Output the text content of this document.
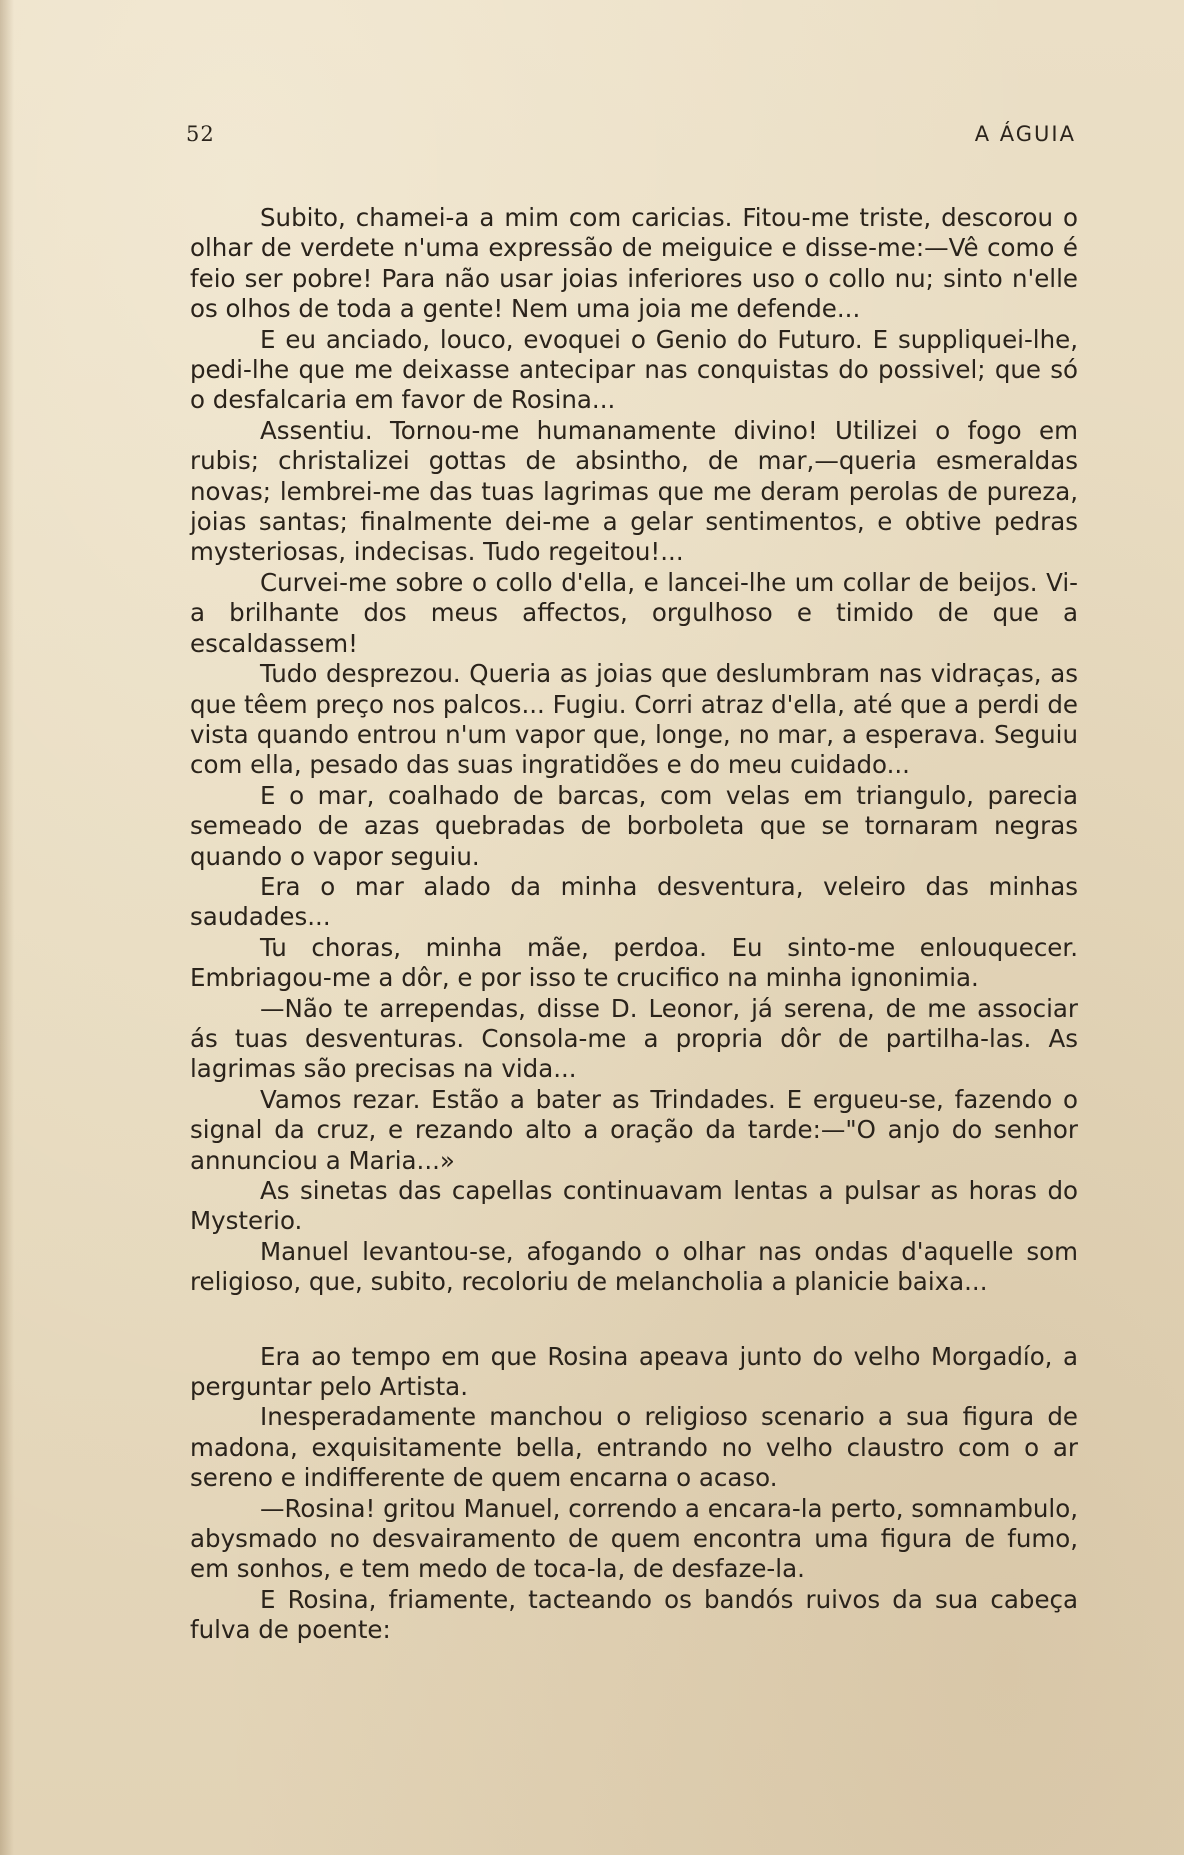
52	A ÁGUIA

Subito, chamei-a a mim com caricias. Fitou-me triste, descorou o olhar de verdete n'uma expressão de meiguice e disse-me:—Vê como é feio ser pobre! Para não usar joias inferiores uso o collo nu; sinto n'elle os olhos de toda a gente! Nem uma joia me defende...

E eu anciado, louco, evoquei o Genio do Futuro. E suppliquei-lhe, pedi-lhe que me deixasse antecipar nas conquistas do possivel; que só o desfalcaria em favor de Rosina...

Assentiu. Tornou-me humanamente divino! Utilizei o fogo em rubis; christalizei gottas de absintho, de mar,—queria esmeraldas novas; lembrei-me das tuas lagrimas que me deram perolas de pureza, joias santas; finalmente dei-me a gelar sentimentos, e obtive pedras mysteriosas, indecisas. Tudo regeitou!...

Curvei-me sobre o collo d'ella, e lancei-lhe um collar de beijos. Vi-a brilhante dos meus affectos, orgulhoso e timido de que a escaldassem!

Tudo desprezou. Queria as joias que deslumbram nas vidraças, as que têem preço nos palcos... Fugiu. Corri atraz d'ella, até que a perdi de vista quando entrou n'um vapor que, longe, no mar, a esperava. Seguiu com ella, pesado das suas ingratidões e do meu cuidado...

E o mar, coalhado de barcas, com velas em triangulo, parecia semeado de azas quebradas de borboleta que se tornaram negras quando o vapor seguiu.

Era o mar alado da minha desventura, veleiro das minhas saudades...

Tu choras, minha mãe, perdoa. Eu sinto-me enlouquecer. Embriagou-me a dôr, e por isso te crucifico na minha ignonimia.

—Não te arrependas, disse D. Leonor, já serena, de me associar ás tuas desventuras. Consola-me a propria dôr de partilha-las. As lagrimas são precisas na vida...

Vamos rezar. Estão a bater as Trindades. E ergueu-se, fazendo o signal da cruz, e rezando alto a oração da tarde:—"O anjo do senhor annunciou a Maria...»

As sinetas das capellas continuavam lentas a pulsar as horas do Mysterio.

Manuel levantou-se, afogando o olhar nas ondas d'aquelle som religioso, que, subito, recoloriu de melancholia a planicie baixa...

Era ao tempo em que Rosina apeava junto do velho Morgadío, a perguntar pelo Artista.

Inesperadamente manchou o religioso scenario a sua figura de madona, exquisitamente bella, entrando no velho claustro com o ar sereno e indifferente de quem encarna o acaso.

—Rosina! gritou Manuel, correndo a encara-la perto, somnambulo, abysmado no desvairamento de quem encontra uma figura de fumo, em sonhos, e tem medo de toca-la, de desfaze-la.

E Rosina, friamente, tacteando os bandós ruivos da sua cabeça fulva de poente:
